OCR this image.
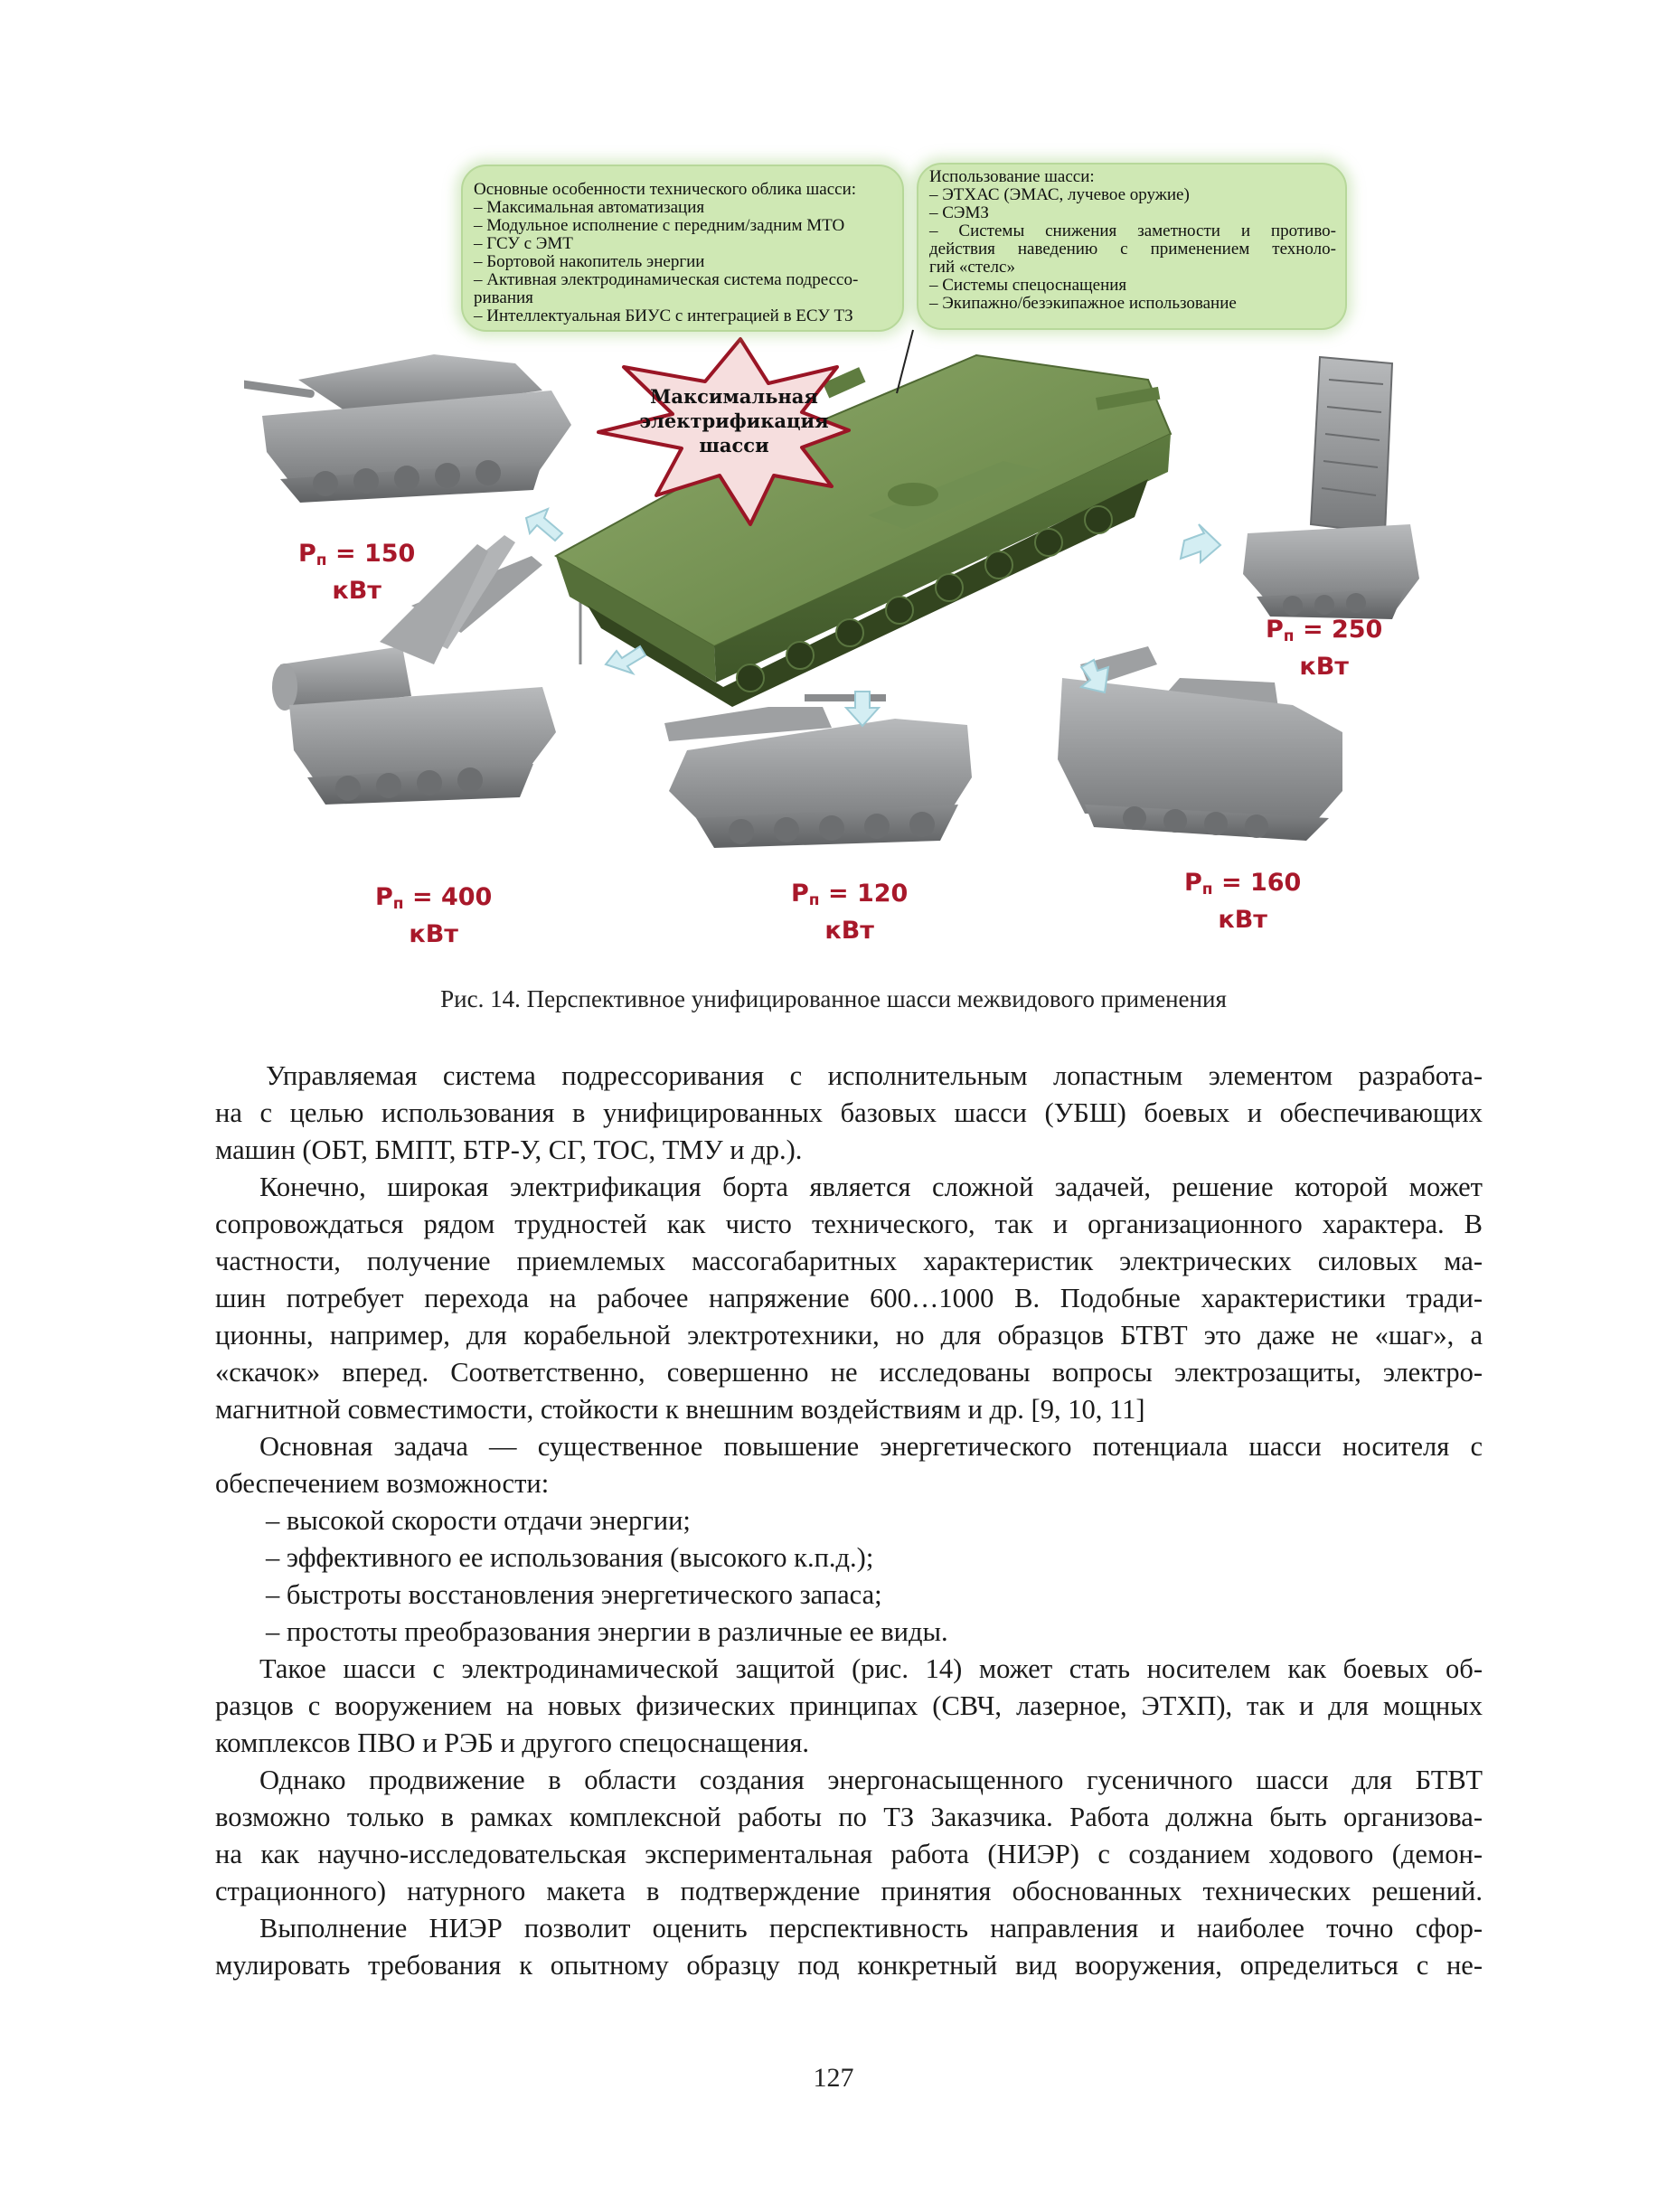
Основные особенности технического облика шасси:
– Максимальная автоматизация
– Модульное исполнение с передним/задним МТО
– ГСУ с ЭМТ
– Бортовой накопитель энергии
– Активная электродинамическая система подрессо-
ривания
– Интеллектуальная БИУС с интеграцией в ЕСУ ТЗ
Использование шасси:
– ЭТХАС (ЭМАС, лучевое оружие)
– СЭМЗ
– Системы снижения заметности и противо-
действия наведению с применением техноло-
гий «стелс»
– Системы спецоснащения
– Экипажно/безэкипажное использование
Максимальная
электрификация
шасси
$P_п = 150$
кВт
$P_п = 250$
кВт
$P_п = 400$
кВт
$P_п = 120$
кВт
$P_п = 160$
кВт
Рис. 14. Перспективное унифицированное шасси межвидового применения
Управляемая система подрессоривания с исполнительным лопастным элементом разработа-
на с целью использования в унифицированных базовых шасси (УБШ) боевых и обеспечивающих
машин (ОБТ, БМПТ, БТР-У, СГ, ТОС, ТМУ и др.).
Конечно, широкая электрификация борта является сложной задачей, решение которой может
сопровождаться рядом трудностей как чисто технического, так и организационного характера. В
частности, получение приемлемых массогабаритных характеристик электрических силовых ма-
шин потребует перехода на рабочее напряжение 600…1000 В. Подобные характеристики тради-
ционны, например, для корабельной электротехники, но для образцов БТВТ это даже не «шаг», а
«скачок» вперед. Соответственно, совершенно не исследованы вопросы электрозащиты, электро-
магнитной совместимости, стойкости к внешним воздействиям и др. [9, 10, 11]
Основная задача — существенное повышение энергетического потенциала шасси носителя с
обеспечением возможности:
– высокой скорости отдачи энергии;
– эффективного ее использования (высокого к.п.д.);
– быстроты восстановления энергетического запаса;
– простоты преобразования энергии в различные ее виды.
Такое шасси с электродинамической защитой (рис. 14) может стать носителем как боевых об-
разцов с вооружением на новых физических принципах (СВЧ, лазерное, ЭТХП), так и для мощных
комплексов ПВО и РЭБ и другого спецоснащения.
Однако продвижение в области создания энергонасыщенного гусеничного шасси для БТВТ
возможно только в рамках комплексной работы по ТЗ Заказчика. Работа должна быть организова-
на как научно-исследовательская экспериментальная работа (НИЭР) с созданием ходового (демон-
страционного) натурного макета в подтверждение принятия обоснованных технических решений.
Выполнение НИЭР позволит оценить перспективность направления и наиболее точно сфор-
мулировать требования к опытному образцу под конкретный вид вооружения, определиться с не-
127
